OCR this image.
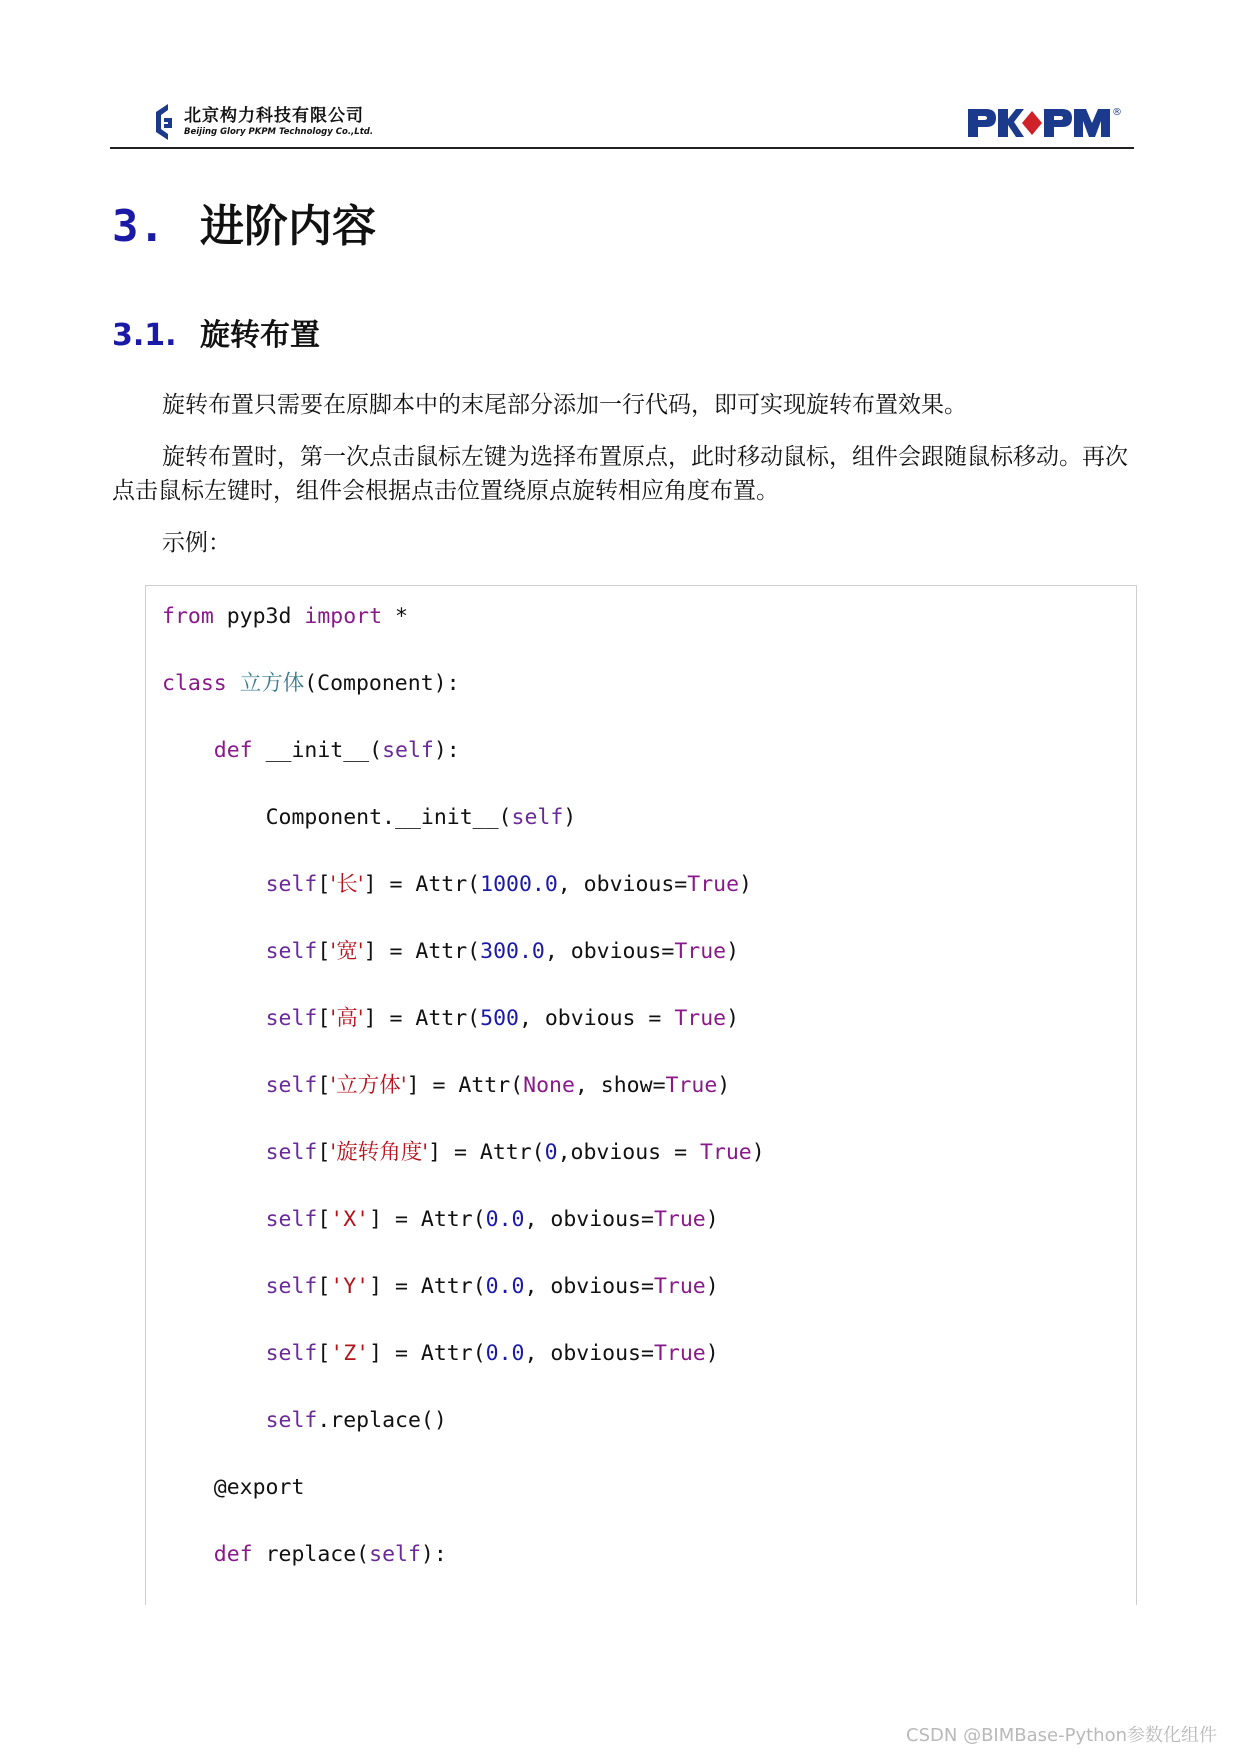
北京构力科技有限公司
Beijing Glory PKPM Technology Co.,Ltd.
®
3. 进阶内容
3.1. 旋转布置
旋转布置只需要在原脚本中的末尾部分添加一行代码，即可实现旋转布置效果。
旋转布置时，第一次点击鼠标左键为选择布置原点，此时移动鼠标，组件会跟随鼠标移动。再次点击鼠标左键时，组件会根据点击位置绕原点旋转相应角度布置。
示例：
from pyp3d import *
class 立方体(Component):
def __init__(self):
Component.__init__(self)
self['长'] = Attr(1000.0, obvious=True)
self['宽'] = Attr(300.0, obvious=True)
self['高'] = Attr(500, obvious = True)
self['立方体'] = Attr(None, show=True)
self['旋转角度'] = Attr(0,obvious = True)
self['X'] = Attr(0.0, obvious=True)
self['Y'] = Attr(0.0, obvious=True)
self['Z'] = Attr(0.0, obvious=True)
self.replace()
@export
def replace(self):
CSDN @BIMBase-Python参数化组件
